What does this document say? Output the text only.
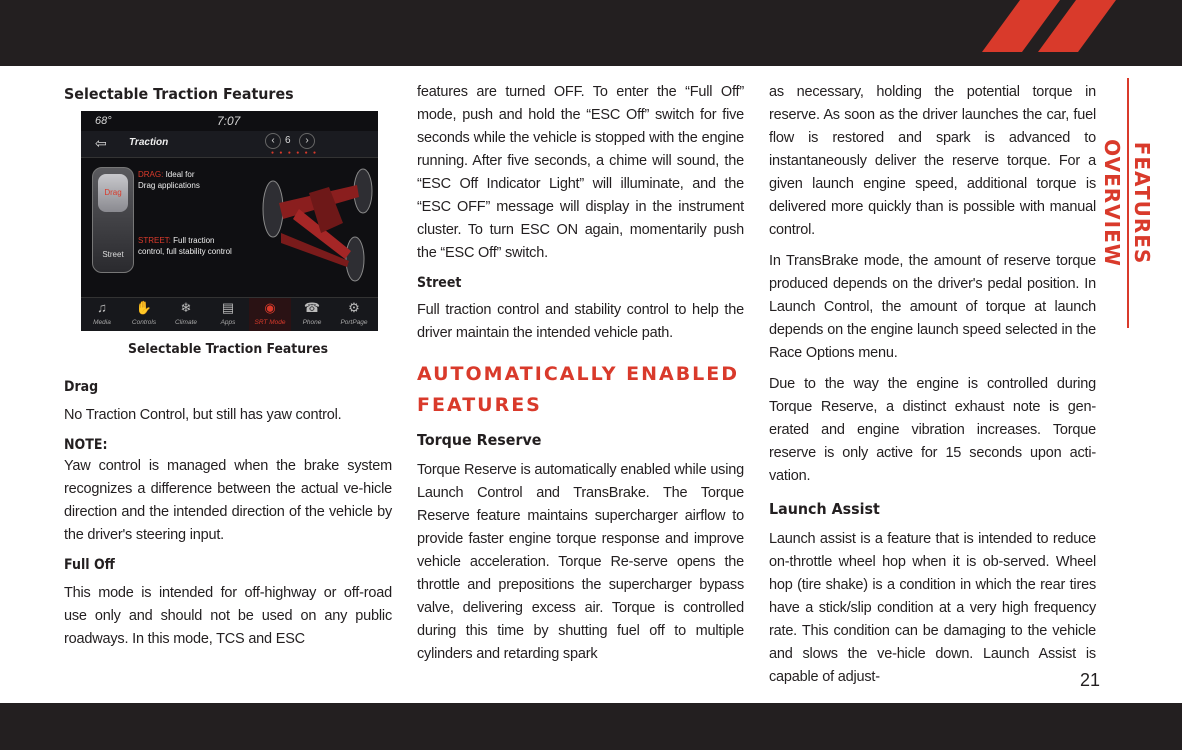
FEATURES OVERVIEW
Selectable Traction Features
68°	7:07
⇦ Traction	‹	6	›
● ● ● ● ● ●
Drag
Street
DRAG: Ideal for
Drag applications
STREET: Full traction
control, full stability control
♫
Media
✋
Controls
❄
Climate
▤
Apps
◉
SRT Mode
☎
Phone
⚙
PortPage
Selectable Traction Features
Drag

No Traction Control, but still has yaw control.

NOTE:

Yaw control is managed when the brake system recognizes a difference between the actual ve-hicle direction and the intended direction of the vehicle by the driver's steering input.

Full Off

This mode is intended for off-highway or off-road use only and should not be used on any public roadways. In this mode, TCS and ESC

features are turned OFF. To enter the “Full Off” mode, push and hold the “ESC Off” switch for five seconds while the vehicle is stopped with the engine running. After five seconds, a chime will sound, the “ESC Off Indicator Light” will illuminate, and the “ESC OFF” message will display in the instrument cluster. To turn ESC ON again, momentarily push the “ESC Off” switch.

Street

Full traction control and stability control to help the driver maintain the intended vehicle path.

AUTOMATICALLY ENABLED
FEATURES
Torque Reserve

Torque Reserve is automatically enabled while using Launch Control and TransBrake. The Torque Reserve feature maintains supercharger airflow to provide faster engine torque response and improve vehicle acceleration. Torque Re-serve opens the throttle and prepositions the supercharger bypass valve, delivering excess air. Torque is controlled during this time by shutting fuel off to multiple cylinders and retarding spark

as necessary, holding the potential torque in reserve. As soon as the driver launches the car, fuel flow is restored and spark is advanced to instantaneously deliver the reserve torque. For a given launch engine speed, additional torque is delivered more quickly than is possible with manual control.

In TransBrake mode, the amount of reserve torque produced depends on the driver's pedal position. In Launch Control, the amount of torque at launch depends on the engine launch speed selected in the Race Options menu.

Due to the way the engine is controlled during Torque Reserve, a distinct exhaust note is gen-erated and engine vibration increases. Torque reserve is only active for 15 seconds upon acti-vation.

Launch Assist

Launch assist is a feature that is intended to reduce on-throttle wheel hop when it is ob-served. Wheel hop (tire shake) is a condition in which the rear tires have a stick/slip condition at a very high frequency rate. This condition can be damaging to the vehicle and slows the ve-hicle down. Launch Assist is capable of adjust-	21
